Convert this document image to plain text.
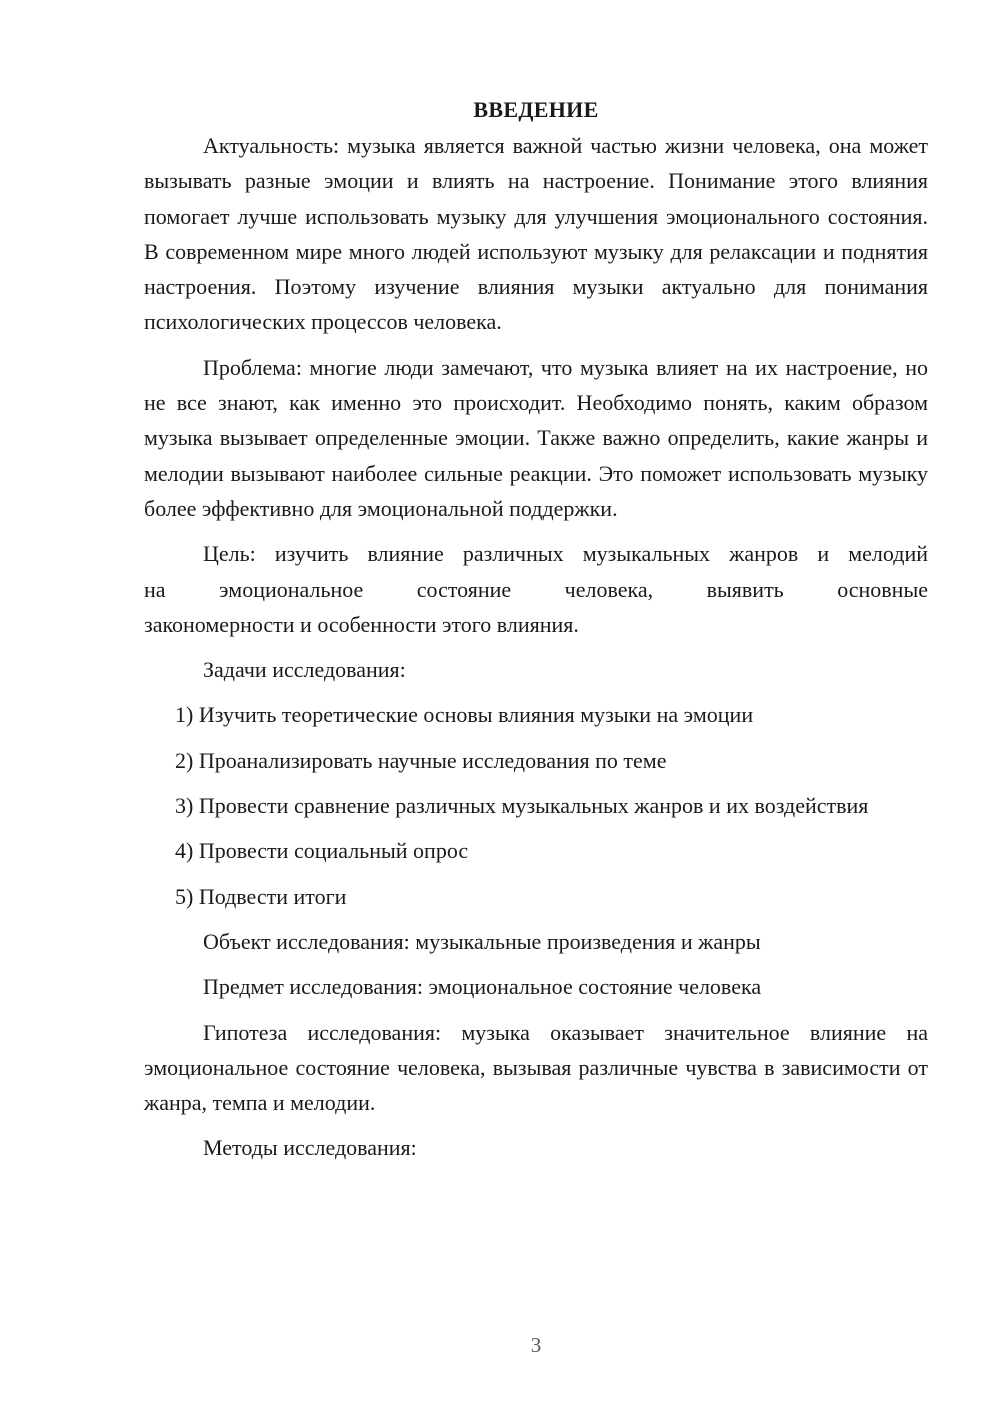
ВВЕДЕНИЕ

Актуальность: музыка является важной частью жизни человека, она может вызывать разные эмоции и влиять на настроение. Понимание этого влияния помогает лучше использовать музыку для улучшения эмоционального состояния. В современном мире много людей используют музыку для релаксации и поднятия настроения. Поэтому изучение влияния музыки актуально для понимания психологических процессов человека.

Проблема: многие люди замечают, что музыка влияет на их настроение, но не все знают, как именно это происходит. Необходимо понять, каким образом музыка вызывает определенные эмоции. Также важно определить, какие жанры и мелодии вызывают наиболее сильные реакции. Это поможет использовать музыку более эффективно для эмоциональной поддержки.

Цель: изучить влияние различных музыкальных жанров и мелодий
на эмоциональное состояние человека, выявить основные
закономерности и особенности этого влияния.

Задачи исследования:

1) Изучить теоретические основы влияния музыки на эмоции

2) Проанализировать научные исследования по теме

3) Провести сравнение различных музыкальных жанров и их воздействия

4) Провести социальный опрос

5) Подвести итоги

Объект исследования: музыкальные произведения и жанры

Предмет исследования: эмоциональное состояние человека

Гипотеза исследования: музыка оказывает значительное влияние на эмоциональное состояние человека, вызывая различные чувства в зависимости от жанра, темпа и мелодии.

Методы исследования:

3
